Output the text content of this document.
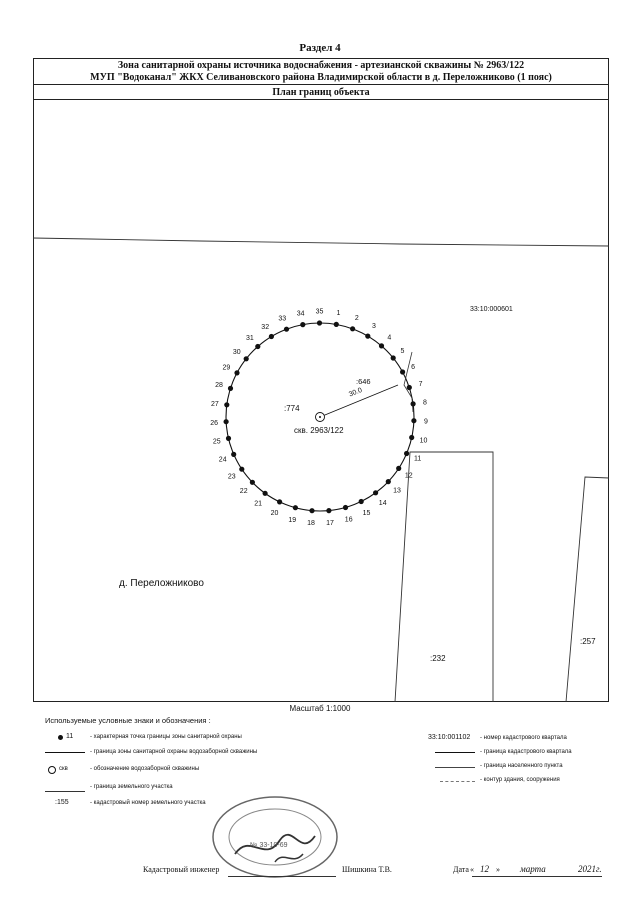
Раздел 4
Зона санитарной охраны источника водоснабжения - артезианской скважины № 2963/122
МУП "Водоканал" ЖКХ Селивановского района Владимирской области в д. Переложниково (1 пояс)
План границ объекта
1
2
3
4
5
6
7
8
9
10
11
12
13
14
15
16
17
18
19
20
21
22
23
24
25
26
27
28
29
30
31
32
33
34 35	33:10:000601
:774
:646
30.0
скв. 2963/122
:232
:257
д. Переложниково
Масштаб 1:1000
Используемые условные знаки и обозначения :
11	- характерная точка границы зоны санитарной охраны
- граница зоны санитарной охраны водозаборной скважины
скв	- обозначение водозаборной скважины
- граница земельного участка
:155	- кадастровый номер земельного участка
33:10:001102 - номер кадастрового квартала
- граница кадастрового квартала
- граница населенного пункта
- контур здания, сооружения
№ 33-10-69
Кадастровый инженер	Шишкина Т.В.	Дата « 12 » марта	2021г.
